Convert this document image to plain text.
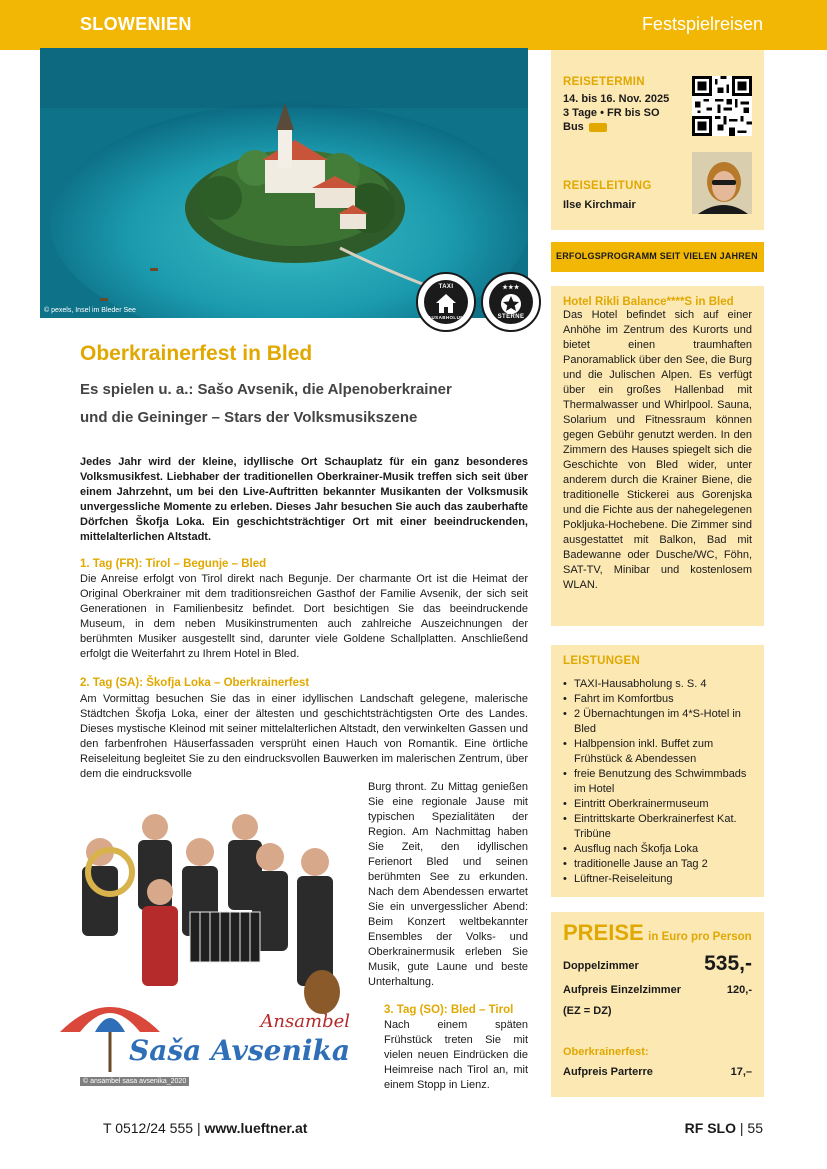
SLOWENIEN	Festspielreisen
© pexels, Insel im Bleder See
TAXI
HAUSABHOLUNG
★★★
STERNE
Oberkrainerfest in Bled
Es spielen u. a.: Sašo Avsenik, die Alpenoberkrainer
und die Geininger – Stars der Volksmusikszene

Jedes Jahr wird der kleine, idyllische Ort Schauplatz für ein ganz besonderes Volksmusikfest. Liebhaber der traditionellen Oberkrainer-Musik treffen sich seit über einem Jahrzehnt, um bei den Live-Auftritten bekannter Musikanten der Volksmusik unvergessliche Momente zu erleben. Dieses Jahr besuchen Sie auch das zauberhafte Dörfchen Škofja Loka. Ein geschichtsträchtiger Ort mit einer beeindruckenden, mittelalterlichen Altstadt.

1. Tag (FR): Tirol – Begunje – Bled

Die Anreise erfolgt von Tirol direkt nach Begunje. Der charmante Ort ist die Heimat der Original Oberkrainer mit dem traditionsreichen Gasthof der Familie Avsenik, der sich seit Generationen in Familienbesitz befindet. Dort besichtigen Sie das beeindruckende Museum, in dem neben Musikinstrumenten auch zahlreiche Auszeichnungen der berühmten Musiker ausgestellt sind, darunter viele Goldene Schallplatten. Anschließend erfolgt die Weiterfahrt zu Ihrem Hotel in Bled.

2. Tag (SA): Škofja Loka – Oberkrainerfest

Am Vormittag besuchen Sie das in einer idyllischen Landschaft gelegene, malerische Städtchen Škofja Loka, einer der ältesten und geschichtsträchtigsten Orte des Landes. Dieses mystische Kleinod mit seiner mittelalterlichen Altstadt, den verwinkelten Gassen und den farbenfrohen Häuserfassaden versprüht einen Hauch von Romantik. Eine örtliche Reiseleitung begleitet Sie zu den eindrucksvollen Bauwerken im malerischen Zentrum, über dem die eindrucksvolle

Ansambel
Saša Avsenika
© ansambel sasa avsenika_2020

Burg thront. Zu Mittag genießen Sie eine regionale Jause mit typischen Spezialitäten der Region. Am Nachmittag haben Sie Zeit, den idyllischen Ferienort Bled und seinen berühmten See zu erkunden. Nach dem Abendessen erwartet Sie ein unvergesslicher Abend: Beim Konzert weltbekannter Ensembles der Volks- und Oberkrainermusik erleben Sie Musik, gute Laune und beste Unterhaltung.

3. Tag (SO): Bled – Tirol

Nach einem späten Frühstück treten Sie mit vielen neuen Eindrücken die Heimreise nach Tirol an, mit einem Stopp in Lienz.

REISETERMIN
14. bis 16. Nov. 2025
3 Tage • FR bis SO
Bus
REISELEITUNG
Ilse Kirchmair
ERFOLGSPROGRAMM SEIT VIELEN JAHREN
Hotel Rikli Balance****S in Bled

Das Hotel befindet sich auf einer Anhöhe im Zentrum des Kurorts und bietet einen traumhaften Panoramablick über den See, die Burg und die Julischen Alpen. Es verfügt über ein großes Hallenbad mit Thermalwasser und Whirlpool. Sauna, Solarium und Fitnessraum können gegen Gebühr genutzt werden. In den Zimmern des Hauses spiegelt sich die Geschichte von Bled wider, unter anderem durch die Krainer Biene, die traditionelle Stickerei aus Gorenjska und die Fichte aus der nahegelegenen Pokljuka-Hochebene. Die Zimmer sind ausgestattet mit Balkon, Bad mit Badewanne oder Dusche/WC, Föhn, SAT-TV, Minibar und kostenlosem WLAN.

LEISTUNGEN
• TAXI-Hausabholung s. S. 4
• Fahrt im Komfortbus
• 2 Übernachtungen im 4*S-Hotel in Bled
• Halbpension inkl. Buffet zum Frühstück & Abendessen
• freie Benutzung des Schwimmbads im Hotel
• Eintritt Oberkrainermuseum
• Eintrittskarte Oberkrainerfest Kat. Tribüne
• Ausflug nach Škofja Loka
• traditionelle Jause an Tag 2
• Lüftner-Reiseleitung
PREISE in Euro pro Person
Doppelzimmer	535,-
Aufpreis Einzelzimmer	120,-
(EZ = DZ)
Oberkrainerfest:
Aufpreis Parterre	17,–
T 0512/24 555 | www.lueftner.at	RF SLO | 55
